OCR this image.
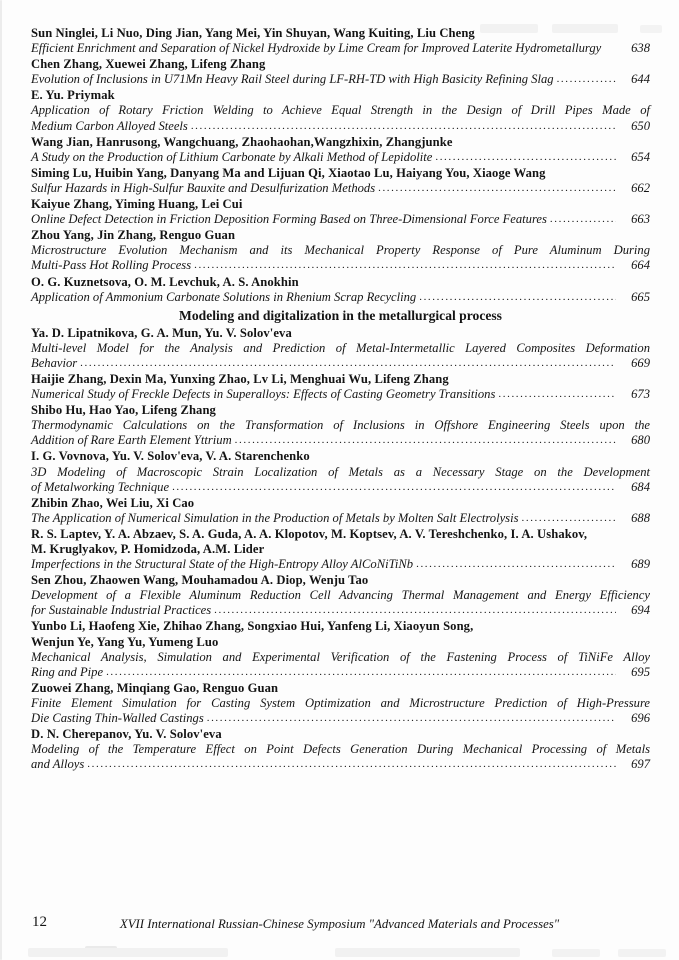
Sun Ninglei, Li Nuo, Ding Jian, Yang Mei, Yin Shuyan, Wang Kuiting, Liu Cheng
Efficient Enrichment and Separation of Nickel Hydroxide by Lime Cream for Improved Laterite Hydrometallurgy	638
Chen Zhang, Xuewei Zhang, Lifeng Zhang
Evolution of Inclusions in U71Mn Heavy Rail Steel during LF-RH-TD with High Basicity Refining Slag .....	644
E. Yu. Priymak
Application of Rotary Friction Welding to Achieve Equal Strength in the Design of Drill Pipes Made of
Medium Carbon Alloyed Steels .....	650
Wang Jian, Hanrusong, Wangchuang, Zhaohaohan,Wangzhixin, Zhangjunke
A Study on the Production of Lithium Carbonate by Alkali Method of Lepidolite .....	654
Siming Lu, Huibin Yang, Danyang Ma and Lijuan Qi, Xiaotao Lu, Haiyang You, Xiaoge Wang
Sulfur Hazards in High-Sulfur Bauxite and Desulfurization Methods .....	662
Kaiyue Zhang, Yiming Huang, Lei Cui
Online Defect Detection in Friction Deposition Forming Based on Three-Dimensional Force Features .....	663
Zhou Yang, Jin Zhang, Renguo Guan
Microstructure Evolution Mechanism and its Mechanical Property Response of Pure Aluminum During
Multi-Pass Hot Rolling Process .....	664
O. G. Kuznetsova, O. M. Levchuk, A. S. Anokhin
Application of Ammonium Carbonate Solutions in Rhenium Scrap Recycling .....	665
Modeling and digitalization in the metallurgical process
Ya. D. Lipatnikova, G. A. Mun, Yu. V. Solov'eva
Multi-level Model for the Analysis and Prediction of Metal-Intermetallic Layered Composites Deformation
Behavior .....	669
Haijie Zhang, Dexin Ma, Yunxing Zhao, Lv Li, Menghuai Wu, Lifeng Zhang
Numerical Study of Freckle Defects in Superalloys: Effects of Casting Geometry Transitions .....	673
Shibo Hu, Hao Yao, Lifeng Zhang
Thermodynamic Calculations on the Transformation of Inclusions in Offshore Engineering Steels upon the
Addition of Rare Earth Element Yttrium .....	680
I. G. Vovnova, Yu. V. Solov'eva, V. A. Starenchenko
3D Modeling of Macroscopic Strain Localization of Metals as a Necessary Stage on the Development
of Metalworking Technique .....	684
Zhibin Zhao, Wei Liu, Xi Cao
The Application of Numerical Simulation in the Production of Metals by Molten Salt Electrolysis .....	688
R. S. Laptev, Y. A. Abzaev, S. A. Guda, A. A. Klopotov, M. Koptsev, A. V. Tereshchenko, I. A. Ushakov,
M. Kruglyakov, P. Homidzoda, A.M. Lider
Imperfections in the Structural State of the High-Entropy Alloy AlCoNiTiNb .....	689
Sen Zhou, Zhaowen Wang, Mouhamadou A. Diop, Wenju Tao
Development of a Flexible Aluminum Reduction Cell Advancing Thermal Management and Energy Efficiency
for Sustainable Industrial Practices .....	694
Yunbo Li, Haofeng Xie, Zhihao Zhang, Songxiao Hui, Yanfeng Li, Xiaoyun Song,
Wenjun Ye, Yang Yu, Yumeng Luo
Mechanical Analysis, Simulation and Experimental Verification of the Fastening Process of TiNiFe Alloy
Ring and Pipe .....	695
Zuowei Zhang, Minqiang Gao, Renguo Guan
Finite Element Simulation for Casting System Optimization and Microstructure Prediction of High-Pressure
Die Casting Thin-Walled Castings .....	696
D. N. Cherepanov, Yu. V. Solov'eva
Modeling of the Temperature Effect on Point Defects Generation During Mechanical Processing of Metals
and Alloys .....	697
12	XVII International Russian-Chinese Symposium "Advanced Materials and Processes"
